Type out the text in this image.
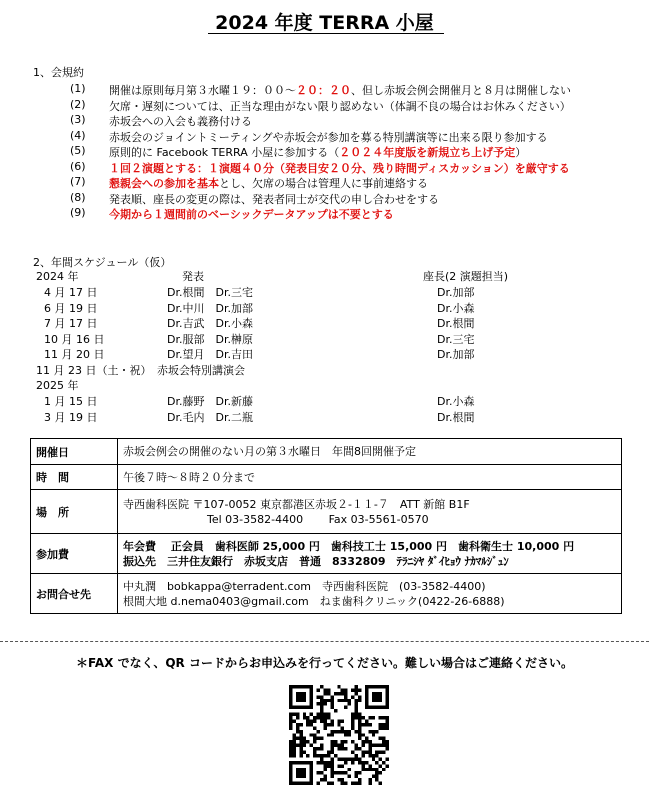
2024 年度 TERRA 小屋
1、会規約
(1)	開催は原則毎月第３水曜１９：００～２０：２０、但し赤坂会例会開催月と８月は開催しない
(2)	欠席・遅刻については、正当な理由がない限り認めない（体調不良の場合はお休みください）
(3)	赤坂会への入会も義務付ける
(4)	赤坂会のジョイントミーティングや赤坂会が参加を募る特別講演等に出来る限り参加する
(5)	原則的に Facebook TERRA 小屋に参加する（２０２４年度版を新規立ち上げ予定）
(6)	１回２演題とする：１演題４０分（発表目安２０分、残り時間ディスカッション）を厳守する
(7)	懇親会への参加を基本とし、欠席の場合は管理人に事前連絡する
(8)	発表順、座長の変更の際は、発表者同士が交代の申し合わせをする
(9)	今期から１週間前のベーシックデータアップは不要とする
2、年間スケジュール（仮）
2024 年	発表	座長(2 演題担当)
4 月 17 日	Dr.根間　Dr.三宅	Dr.加部
6 月 19 日	Dr.中川　Dr.加部	Dr.小森
7 月 17 日	Dr.吉武　Dr.小森	Dr.根間
10 月 16 日	Dr.服部　Dr.榊原	Dr.三宅
11 月 20 日	Dr.望月　Dr.吉田	Dr.加部
11 月 23 日（土・祝）　赤坂会特別講演会
2025 年
1 月 15 日	Dr.藤野　Dr.新藤	Dr.小森
3 月 19 日	Dr.毛内　Dr.二瓶	Dr.根間
開催日	赤坂会例会の開催のない月の第３水曜日　年間8回開催予定
時　間	午後７時～８時２０分まで
場　所	寺西歯科医院 〒107-0052 東京都港区赤坂２-１１-７　ATT 新館 B1F
Tel 03-3582-4400　　 Fax 03-5561-0570

参加費	年会費　 正会員　歯科医師 25,000 円　歯科技工士 15,000 円　歯科衛生士 10,000 円
振込先　三井住友銀行　赤坂支店　普通　8332809　ﾃﾗﾆｼﾔ ﾀﾞｲﾋｮｳ ﾅｶﾏﾙｼﾞｭﾝ

お問合せ先	中丸潤　bobkappa@terradent.com　寺西歯科医院　(03-3582-4400)
根間大地 d.nema0403@gmail.com　ねま歯科クリニック(0422-26-6888)
＊FAX でなく、QR コードからお申込みを行ってください。難しい場合はご連絡ください。
